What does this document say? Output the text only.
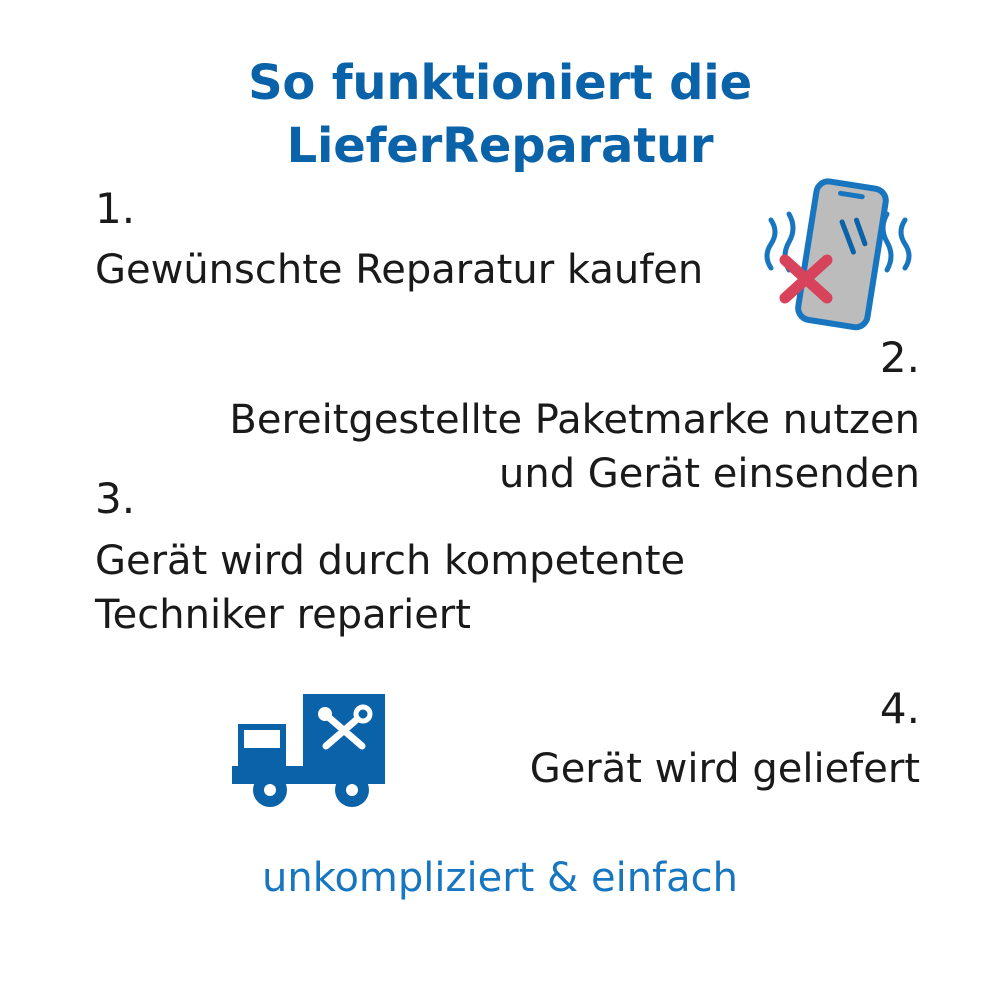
So funktioniert die
LieferReparatur
1.
Gewünschte Reparatur kaufen
2.
Bereitgestellte Paketmarke nutzen
und Gerät einsenden
3.
Gerät wird durch kompetente
Techniker repariert
4.
Gerät wird geliefert
unkompliziert & einfach
